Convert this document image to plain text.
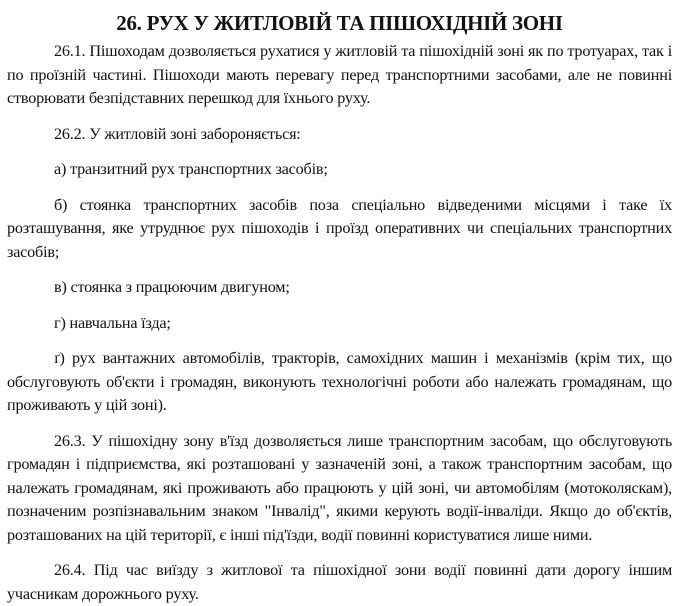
26. РУХ У ЖИТЛОВІЙ ТА ПІШОХІДНІЙ ЗОНІ

26.1. Пішоходам дозволяється рухатися у житловій та пішохідній зоні як по тротуарах, так і по проїзній частині. Пішоходи мають перевагу перед транспортними засобами, але не повинні створювати безпідставних перешкод для їхнього руху.

26.2. У житловій зоні забороняється:

а) транзитний рух транспортних засобів;

б) стоянка транспортних засобів поза спеціально відведеними місцями і таке їх розташування, яке утруднює рух пішоходів і проїзд оперативних чи спеціальних транспортних засобів;

в) стоянка з працюючим двигуном;

г) навчальна їзда;

ґ) рух вантажних автомобілів, тракторів, самохідних машин і механізмів (крім тих, що обслуговують об'єкти і громадян, виконують технологічні роботи або належать громадянам, що проживають у цій зоні).

26.3. У пішохідну зону в'їзд дозволяється лише транспортним засобам, що обслуговують громадян і підприємства, які розташовані у зазначеній зоні, а також транспортним засобам, що належать громадянам, які проживають або працюють у цій зоні, чи автомобілям (мотоколяскам), позначеним розпізнавальним знаком "Інвалід", якими керують водії-інваліди. Якщо до об'єктів, розташованих на цій території, є інші під'їзди, водії повинні користуватися лише ними.

26.4. Під час виїзду з житлової та пішохідної зони водії повинні дати дорогу іншим учасникам дорожнього руху.
